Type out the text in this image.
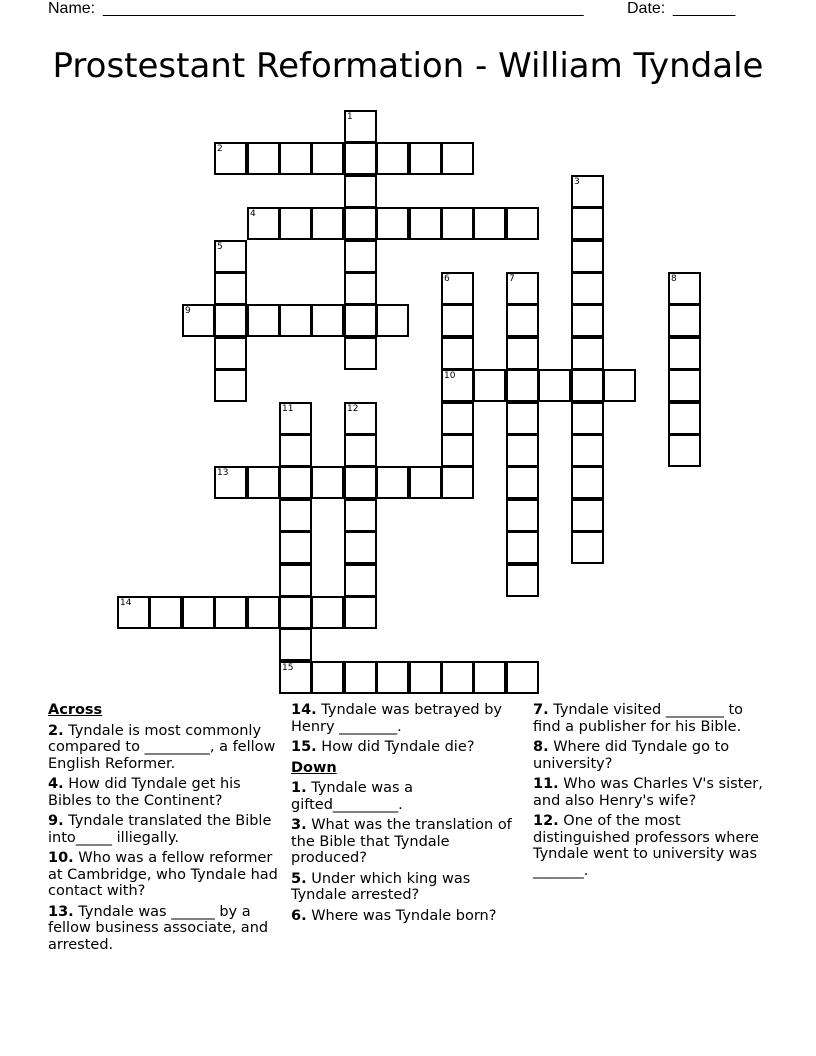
Name: ______________________________________________________	Date: _______
Prostestant Reformation - William Tyndale
1
2
3
4
5
6
10
7	8
9
11
15
12
13
14
Across
2. Tyndale is most commonly compared to _________, a fellow English Reformer.
4. How did Tyndale get his Bibles to the Continent?
9. Tyndale translated the Bible into_____ illiegally.
10. Who was a fellow reformer at Cambridge, who Tyndale had contact with?
13. Tyndale was ______ by a fellow business associate, and arrested.
14. Tyndale was betrayed by Henry ________.
15. How did Tyndale die?
Down
1. Tyndale was a gifted_________.
3. What was the translation of the Bible that Tyndale produced?
5. Under which king was Tyndale arrested?
6. Where was Tyndale born?
7. Tyndale visited ________ to find a publisher for his Bible.
8. Where did Tyndale go to university?
11. Who was Charles V's sister, and also Henry's wife?
12. One of the most distinguished professors where Tyndale went to university was _______.
